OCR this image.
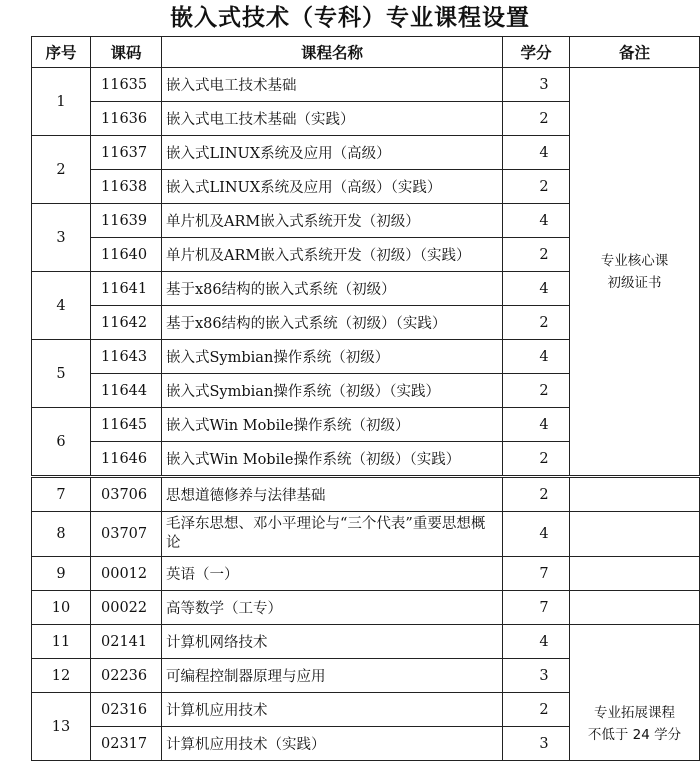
嵌入式技术（专科）专业课程设置
序号	课码	课程名称	学分	备注
1	11635	嵌入式电工技术基础	3	专业核心课
初级证书

	11636	嵌入式电工技术基础（实践）	2	
2	11637	嵌入式LINUX系统及应用（高级）	4	
	11638	嵌入式LINUX系统及应用（高级）（实践）	2	
3	11639	单片机及ARM嵌入式系统开发（初级）	4	
	11640	单片机及ARM嵌入式系统开发（初级）（实践）	2	
4	11641	基于x86结构的嵌入式系统（初级）	4	
	11642	基于x86结构的嵌入式系统（初级）（实践）	2	
5	11643	嵌入式Symbian操作系统（初级）	4	
	11644	嵌入式Symbian操作系统（初级）（实践）	2	
6	11645	嵌入式Win Mobile操作系统（初级）	4	
	11646	嵌入式Win Mobile操作系统（初级）（实践）	2	
7	03706	思想道德修养与法律基础	2	
8	03707	毛泽东思想、邓小平理论与“三个代表”重要思想概论	4	
9	00012	英语（一）	7	
10	00022	高等数学（工专）	7	
11	02141	计算机网络技术	4	专业拓展课程
不低于 24 学分

12	02236	可编程控制器原理与应用	3	
13	02316	计算机应用技术	2	
	02317	计算机应用技术（实践）	3	
